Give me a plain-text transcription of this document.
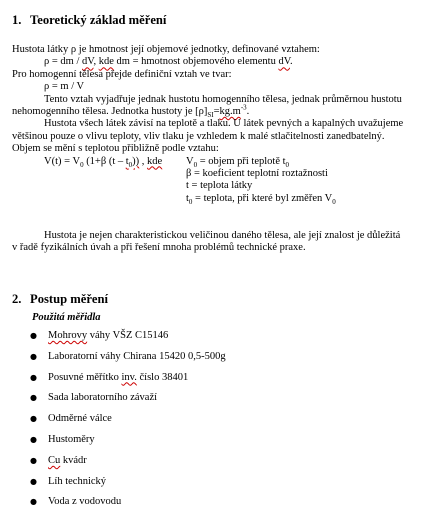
1. Teoretický základ měření
Hustota látky ρ je hmotnost její objemové jednotky, definované vztahem:
ρ = dm / dV, kde dm = hmotnost objemového elementu dV.
Pro homogenní tělesa přejde definiční vztah ve tvar:
ρ = m / V
Tento vztah vyjadřuje jednak hustotu homogenního tělesa, jednak průměrnou hustotu
nehomogenního tělesa. Jednotka hustoty je $[\rho]_{SI}=kg.m^{-3}$.
Hustota všech látek závisí na teplotě a tlaku. U látek pevných a kapalných uvažujeme
většinou pouze o vlivu teploty, vliv tlaku je vzhledem k malé stlačitelnosti zanedbatelný.
Objem se mění s teplotou přibližně podle vztahu:
$V(t) = V_0$ (1+β $(t - t_0)$) , kde $V_0$ = objem při teplotě $t_0$
β = koeficient teplotní roztažnosti
t = teplota látky
$t_0$ = teplota, při které byl změřen $V_0$
Hustota je nejen charakteristickou veličinou daného tělesa, ale její znalost je důležitá
v řadě fyzikálních úvah a při řešení mnoha problémů technické praxe.
2. Postup měření
Použitá měřidla
● Mohrovy váhy VŠZ C15146
● Laboratorní váhy Chirana 15420 0,5-500g
● Posuvné měřítko inv. číslo 38401
● Sada laboratorního závaží
● Odměrné válce
● Hustoměry
● Cu kvádr
● Líh technický
● Voda z vodovodu
